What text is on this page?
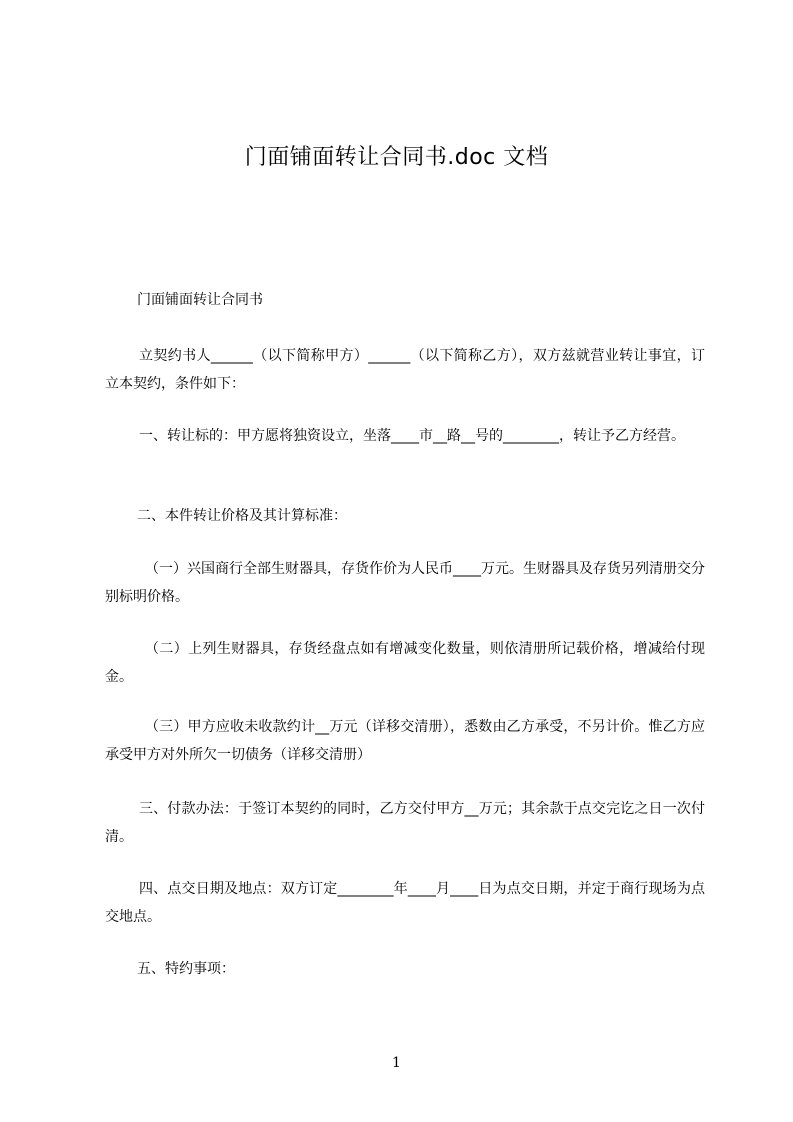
门面铺面转让合同书.doc 文档

门面铺面转让合同书

立契约书人______（以下简称甲方）______（以下简称乙方），双方兹就营业转让事宜，订立本契约，条件如下：

一、转让标的：甲方愿将独资设立，坐落____市__路__号的________，转让予乙方经营。

二、本件转让价格及其计算标准：

（一）兴国商行全部生财器具，存货作价为人民币____万元。生财器具及存货另列清册交分别标明价格。

（二）上列生财器具，存货经盘点如有增减变化数量，则依清册所记载价格，增减给付现金。

（三）甲方应收未收款约计__万元（详移交清册），悉数由乙方承受，不另计价。惟乙方应承受甲方对外所欠一切债务（详移交清册）

三、付款办法：于签订本契约的同时，乙方交付甲方__万元；其余款于点交完讫之日一次付清。

四、点交日期及地点：双方订定________年____月____日为点交日期，并定于商行现场为点交地点。

五、特约事项：

1
